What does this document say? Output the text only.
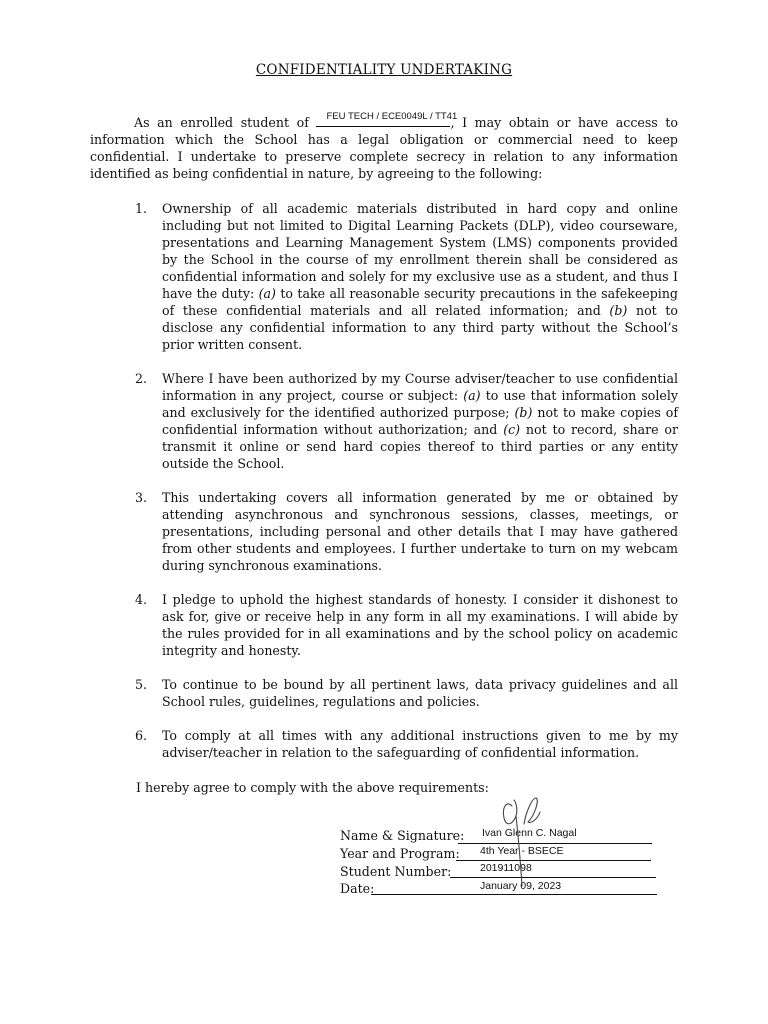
CONFIDENTIALITY UNDERTAKING

As an enrolled student of FEU TECH / ECE0049L / TT41
, I may obtain or have access to information which the School has a legal obligation or commercial need to keep confidential. I undertake to preserve complete secrecy in relation to any information identified as being confidential in nature, by agreeing to the following:

1. Ownership of all academic materials distributed in hard copy and online including but not limited to Digital Learning Packets (DLP), video courseware, presentations and Learning Management System (LMS) components provided by the School in the course of my enrollment therein shall be considered as confidential information and solely for my exclusive use as a student, and thus I have the duty: (a) to take all reasonable security precautions in the safekeeping of these confidential materials and all related information; and (b) not to disclose any confidential information to any third party without the School’s prior written consent.
2. Where I have been authorized by my Course adviser/teacher to use confidential information in any project, course or subject: (a) to use that information solely and exclusively for the identified authorized purpose; (b) not to make copies of confidential information without authorization; and (c) not to record, share or transmit it online or send hard copies thereof to third parties or any entity outside the School.
3. This undertaking covers all information generated by me or obtained by attending asynchronous and synchronous sessions, classes, meetings, or presentations, including personal and other details that I may have gathered from other students and employees. I further undertake to turn on my webcam during synchronous examinations.
4. I pledge to uphold the highest standards of honesty. I consider it dishonest to ask for, give or receive help in any form in all my examinations. I will abide by the rules provided for in all examinations and by the school policy on academic integrity and honesty.
5. To continue to be bound by all pertinent laws, data privacy guidelines and all School rules, guidelines, regulations and policies.
6. To comply at all times with any additional instructions given to me by my adviser/teacher in relation to the safeguarding of confidential information.
I hereby agree to comply with the above requirements:
Name & Signature: Ivan Glenn C. Nagal
Year and Program: 4th Year - BSECE
Student Number:	201911098
Date:	January 09, 2023
